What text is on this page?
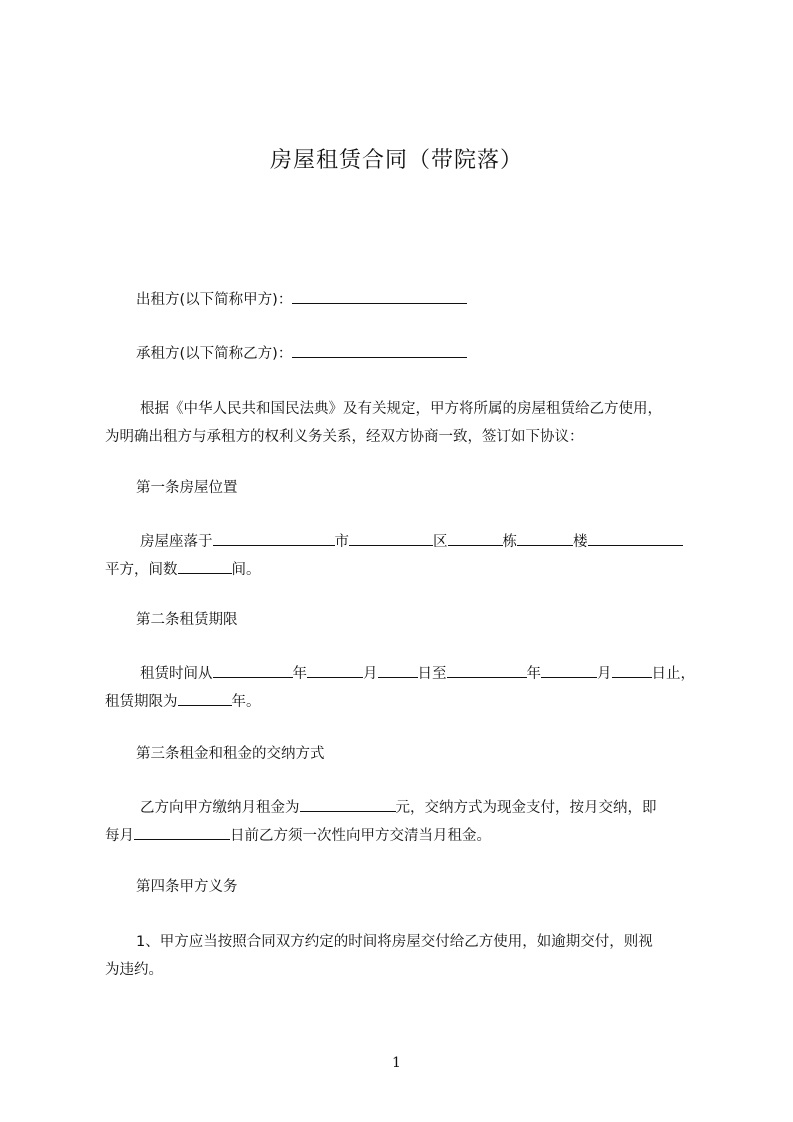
房屋租赁合同（带院落）

出租方(以下简称甲方)：

承租方(以下简称乙方)：

根据《中华人民共和国民法典》及有关规定，甲方将所属的房屋租赁给乙方使用，

为明确出租方与承租方的权利义务关系，经双方协商一致，签订如下协议：

第一条房屋位置

房屋座落于	市	区	栋	楼

平方，间数	间。

第二条租赁期限

租赁时间从	年	月	日至	年	月	日止，

租赁期限为	年。

第三条租金和租金的交纳方式

乙方向甲方缴纳月租金为	元，交纳方式为现金支付，按月交纳，即

每月	日前乙方须一次性向甲方交清当月租金。

第四条甲方义务

1、甲方应当按照合同双方约定的时间将房屋交付给乙方使用，如逾期交付，则视

为违约。

1
